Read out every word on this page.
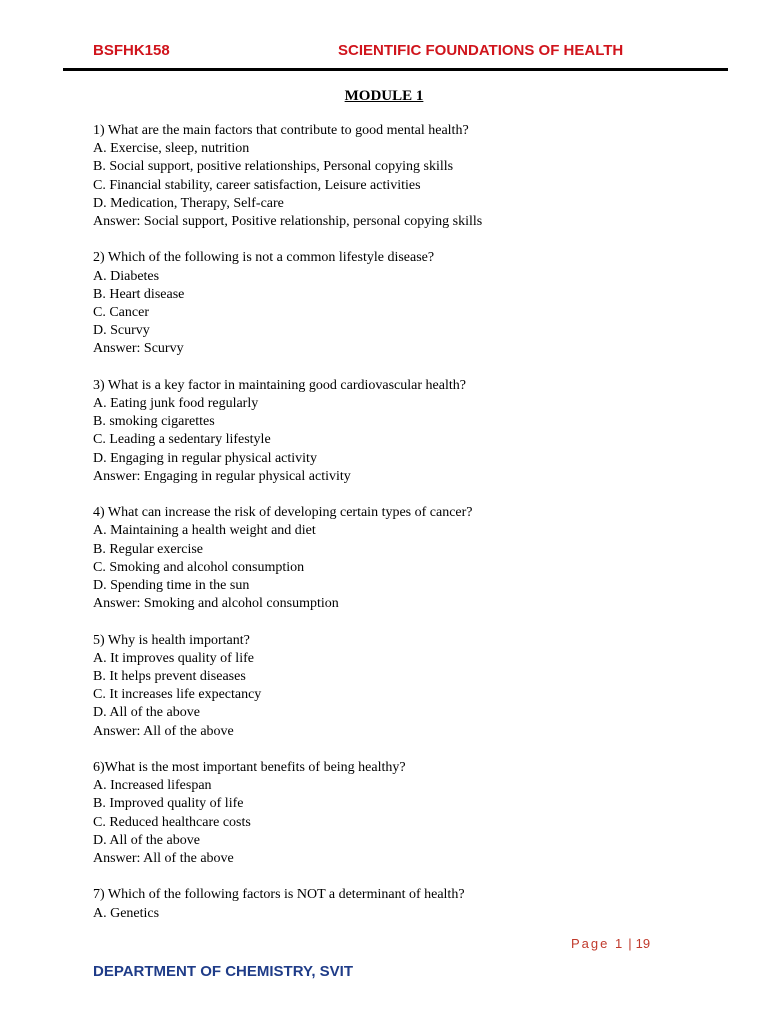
BSFHK158	SCIENTIFIC FOUNDATIONS OF HEALTH
MODULE 1
1) What are the main factors that contribute to good mental health?
A. Exercise, sleep, nutrition
B. Social support, positive relationships, Personal copying skills
C. Financial stability, career satisfaction, Leisure activities
D. Medication, Therapy, Self-care
Answer: Social support, Positive relationship, personal copying skills
2) Which of the following is not a common lifestyle disease?
A. Diabetes
B. Heart disease
C. Cancer
D. Scurvy
Answer: Scurvy
3) What is a key factor in maintaining good cardiovascular health?
A. Eating junk food regularly
B. smoking cigarettes
C. Leading a sedentary lifestyle
D. Engaging in regular physical activity
Answer: Engaging in regular physical activity
4) What can increase the risk of developing certain types of cancer?
A. Maintaining a health weight and diet
B. Regular exercise
C. Smoking and alcohol consumption
D. Spending time in the sun
Answer: Smoking and alcohol consumption
5) Why is health important?
A. It improves quality of life
B. It helps prevent diseases
C. It increases life expectancy
D. All of the above
Answer: All of the above
6)What is the most important benefits of being healthy?
A. Increased lifespan
B. Improved quality of life
C. Reduced healthcare costs
D. All of the above
Answer: All of the above
7) Which of the following factors is NOT a determinant of health?
A. Genetics
Page 1 | 19
DEPARTMENT OF CHEMISTRY, SVIT
